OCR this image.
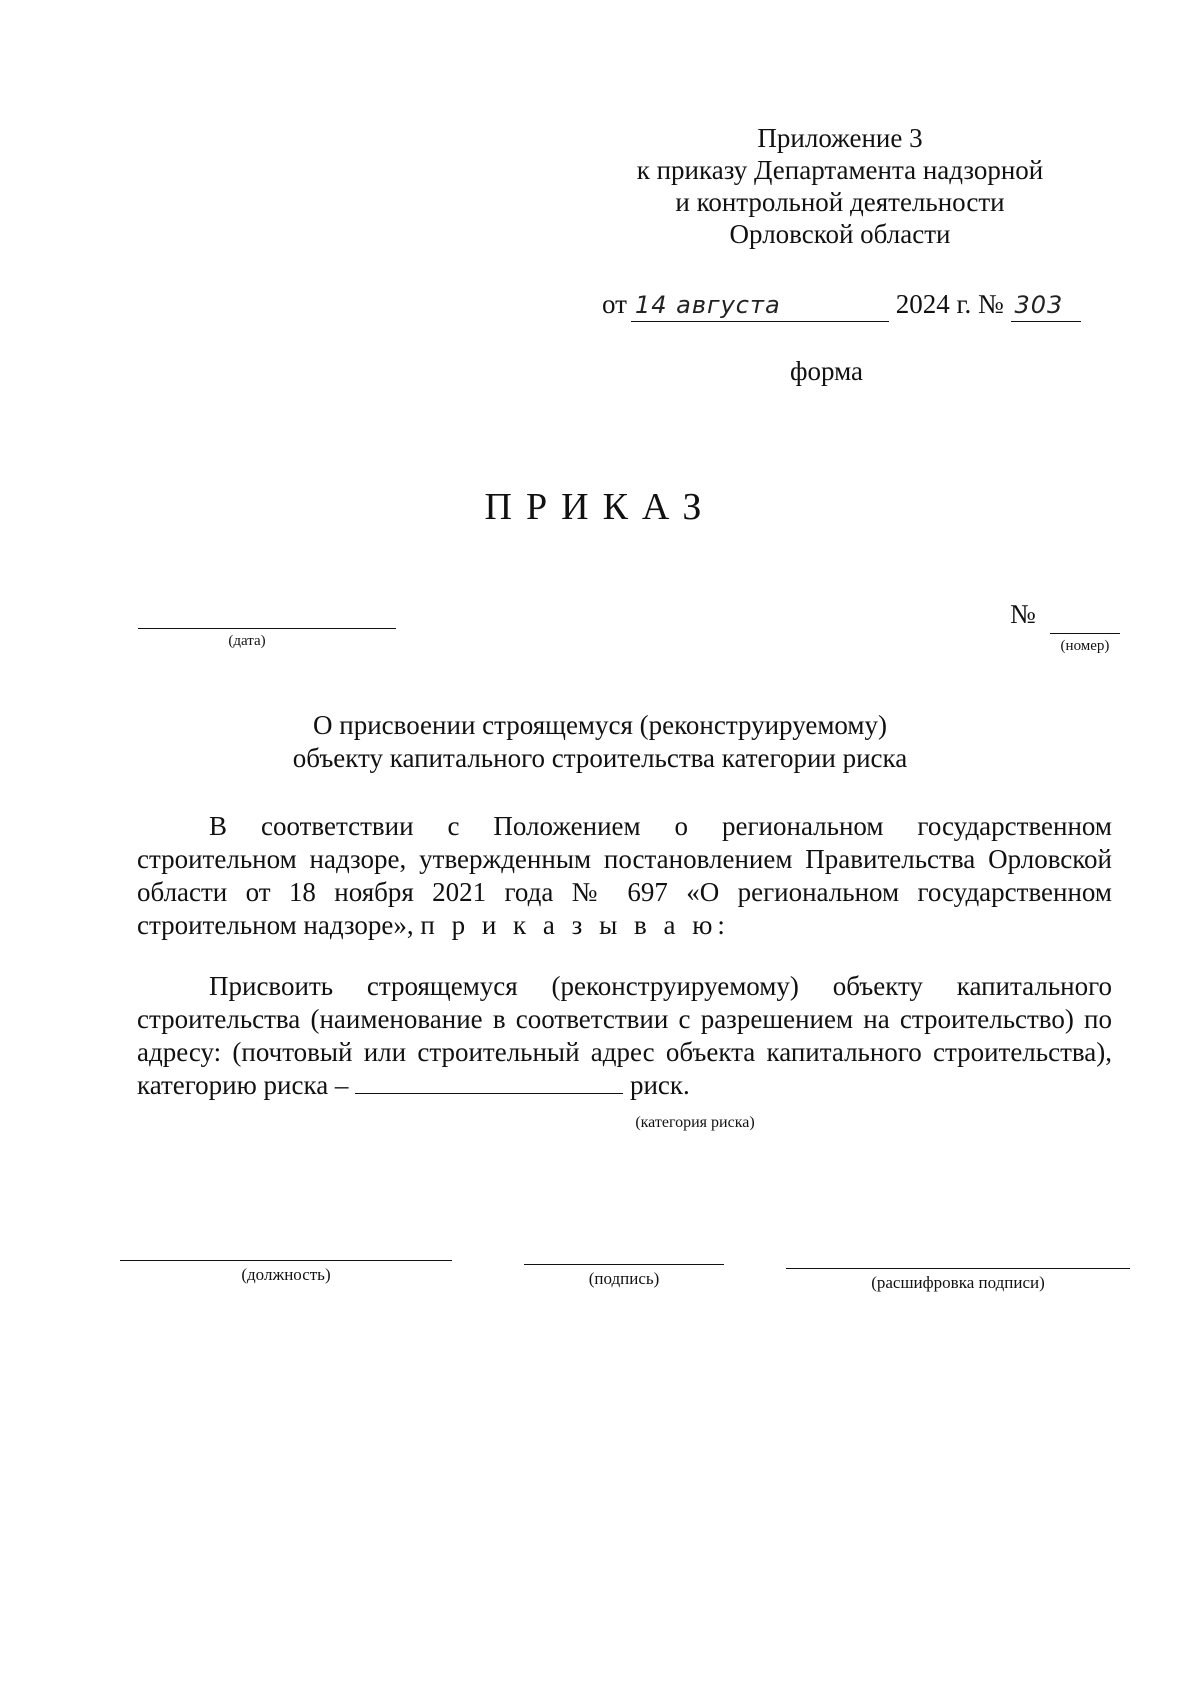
Приложение 3
к приказу Департамента надзорной
и контрольной деятельности
Орловской области
от 14 августа	2024 г. № 303
форма
ПРИКАЗ
(дата)
№
(номер)
О присвоении строящемуся (реконструируемому)
объекту капитального строительства категории риска
В соответствии с Положением о региональном государственном строительном надзоре, утвержденным постановлением Правительства Орловской области от 18 ноября 2021 года № 697 «О региональном государственном строительном надзоре», п р и к а з ы в а ю:
Присвоить строящемуся (реконструируемому) объекту капитального строительства (наименование в соответствии с разрешением на строительство) по адресу: (почтовый или строительный адрес объекта капитального строительства), категорию риска –	риск.
(категория риска)
(должность)	(подпись)	(расшифровка подписи)
